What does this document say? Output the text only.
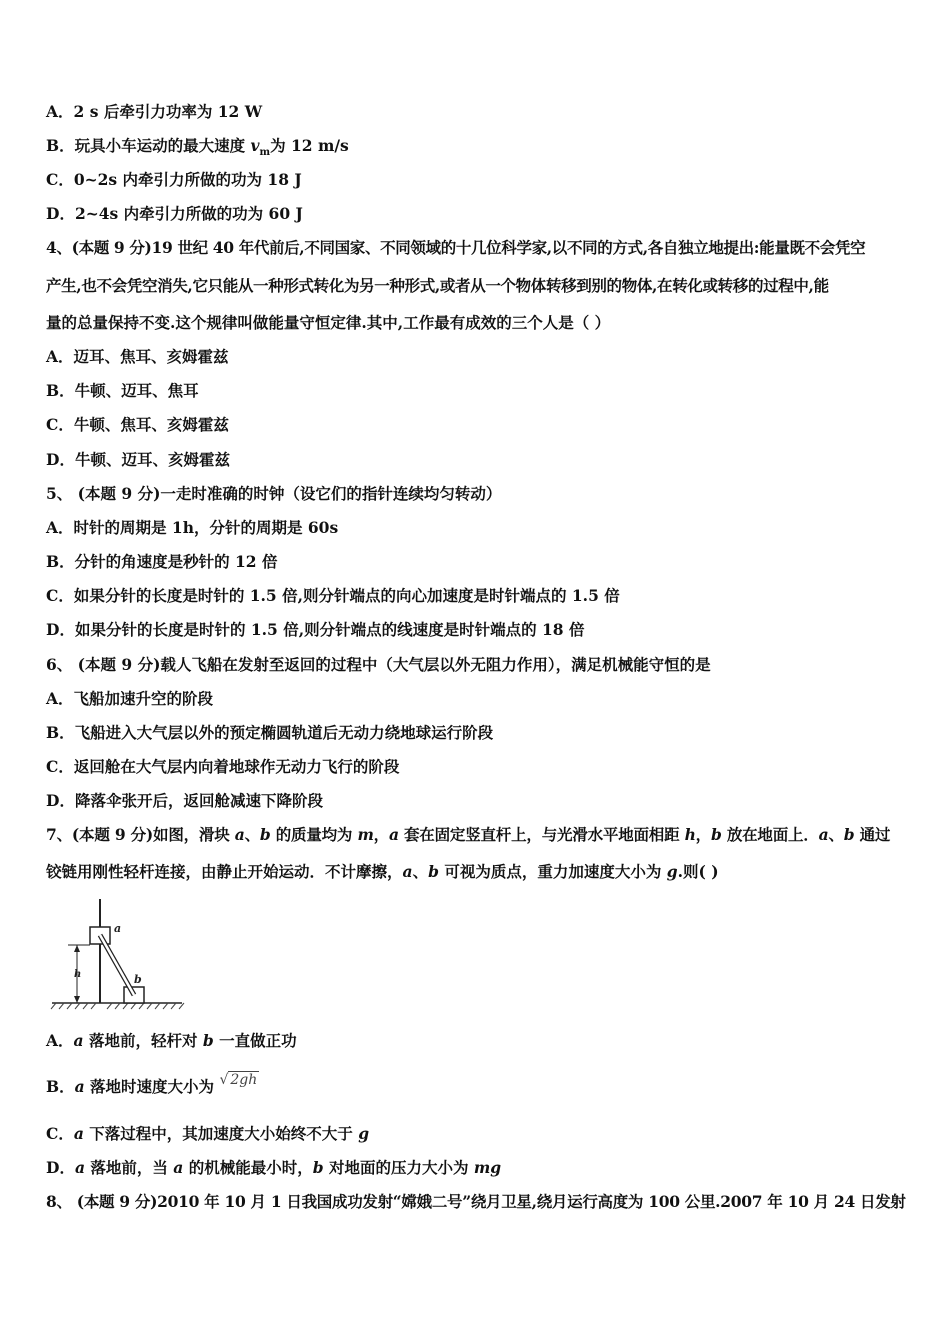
A．2 s 后牵引力功率为 12 W
B．玩具小车运动的最大速度 $v_m$为 12 m/s
C．0~2s 内牵引力所做的功为 18 J
D．2~4s 内牵引力所做的功为 60 J
4、(本题 9 分)19 世纪 40 年代前后,不同国家、不同领域的十几位科学家,以不同的方式,各自独立地提出:能量既不会凭空
产生,也不会凭空消失,它只能从一种形式转化为另一种形式,或者从一个物体转移到别的物体,在转化或转移的过程中,能
量的总量保持不变.这个规律叫做能量守恒定律.其中,工作最有成效的三个人是（ ）
A．迈耳、焦耳、亥姆霍兹
B．牛顿、迈耳、焦耳
C．牛顿、焦耳、亥姆霍兹
D．牛顿、迈耳、亥姆霍兹
5、 (本题 9 分)一走时准确的时钟（设它们的指针连续均匀转动）
A．时针的周期是 1h，分针的周期是 60s
B．分针的角速度是秒针的 12 倍
C．如果分针的长度是时针的 1.5 倍,则分针端点的向心加速度是时针端点的 1.5 倍
D．如果分针的长度是时针的 1.5 倍,则分针端点的线速度是时针端点的 18 倍
6、 (本题 9 分)载人飞船在发射至返回的过程中（大气层以外无阻力作用），满足机械能守恒的是
A．飞船加速升空的阶段
B．飞船进入大气层以外的预定椭圆轨道后无动力绕地球运行阶段
C．返回舱在大气层内向着地球作无动力飞行的阶段
D．降落伞张开后，返回舱减速下降阶段
7、(本题 9 分)如图，滑块 a、b 的质量均为 m，a 套在固定竖直杆上，与光滑水平地面相距 h，b 放在地面上．a、b 通过
铰链用刚性轻杆连接，由静止开始运动．不计摩擦，a、b 可视为质点，重力加速度大小为 g.则( )
a
b
h
A．a 落地前，轻杆对 b 一直做正功
B．a 落地时速度大小为 √ 2gh
C．a 下落过程中，其加速度大小始终不大于 g
D．a 落地前，当 a 的机械能最小时，b 对地面的压力大小为 mg
8、 (本题 9 分)2010 年 10 月 1 日我国成功发射“嫦娥二号”绕月卫星,绕月运行高度为 100 公里.2007 年 10 月 24 日发射
